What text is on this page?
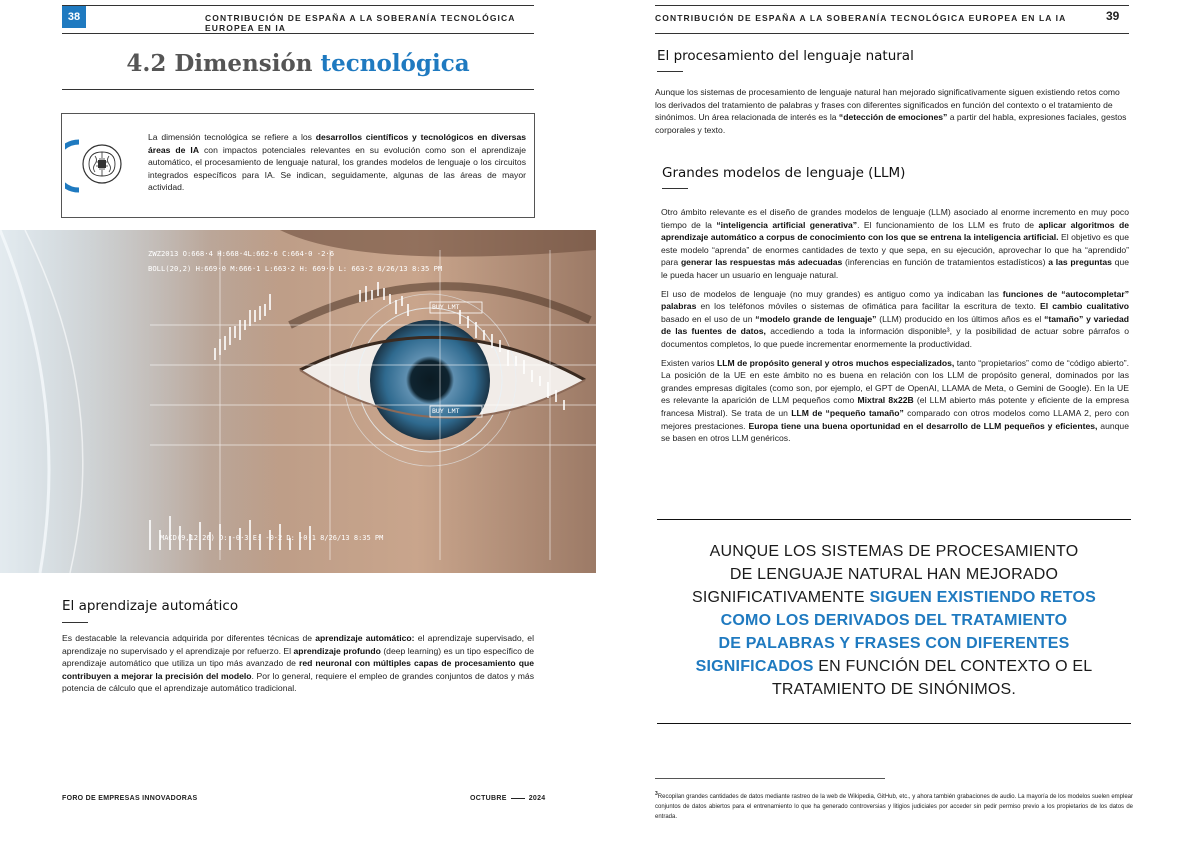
38	CONTRIBUCIÓN DE ESPAÑA A LA SOBERANÍA TECNOLÓGICA EUROPEA EN IA
4.2 Dimensión tecnológica
La dimensión tecnológica se refiere a los desarrollos científicos y tecnológicos en diversas áreas de IA con impactos potenciales relevantes en su evolución como son el aprendizaje automático, el procesamiento de lenguaje natural, los grandes modelos de lenguaje o los circuitos integrados específicos para IA. Se indican, seguidamente, algunas de las áreas de mayor actividad.
ZWZ2013 O:668·4 H:668·4L:662·6 C:664·0 -2·6
BOLL(20,2) H:669·0 M:666·1 L:663·2 H: 669·0 L: 663·2 8/26/13 8:35 PM
BUY LMT
BUY LMT
MACD(9,12,26) O: -0·3 E: -0·2 D: -0·1 8/26/13 8:35 PM
El aprendizaje automático
Es destacable la relevancia adquirida por diferentes técnicas de aprendizaje automático: el aprendizaje supervisado, el aprendizaje no supervisado y el aprendizaje por refuerzo. El aprendizaje profundo (deep learning) es un tipo específico de aprendizaje automático que utiliza un tipo más avanzado de red neuronal con múltiples capas de procesamiento que contribuyen a mejorar la precisión del modelo. Por lo general, requiere el empleo de grandes conjuntos de datos y más potencia de cálculo que el aprendizaje automático tradicional.
FORO DE EMPRESAS INNOVADORAS	OCTUBRE	2024
CONTRIBUCIÓN DE ESPAÑA A LA SOBERANÍA TECNOLÓGICA EUROPEA EN LA IA	39
El procesamiento del lenguaje natural
Aunque los sistemas de procesamiento de lenguaje natural han mejorado significativamente siguen existiendo retos como los derivados del tratamiento de palabras y frases con diferentes significados en función del contexto o el tratamiento de sinónimos. Un área relacionada de interés es la “detección de emociones” a partir del habla, expresiones faciales, gestos corporales y texto.
Grandes modelos de lenguaje (LLM)

Otro ámbito relevante es el diseño de grandes modelos de lenguaje (LLM) asociado al enorme incremento en muy poco tiempo de la “inteligencia artificial generativa”. El funcionamiento de los LLM es fruto de aplicar algoritmos de aprendizaje automático a corpus de conocimiento con los que se entrena la inteligencia artificial. El objetivo es que este modelo “aprenda” de enormes cantidades de texto y que sepa, en su ejecución, aprovechar lo que ha “aprendido” para generar las respuestas más adecuadas (inferencias en función de tratamientos estadísticos) a las preguntas que le pueda hacer un usuario en lenguaje natural.

El uso de modelos de lenguaje (no muy grandes) es antiguo como ya indicaban las funciones de “autocompletar” palabras en los teléfonos móviles o sistemas de ofimática para facilitar la escritura de texto. El cambio cualitativo basado en el uso de un “modelo grande de lenguaje” (LLM) producido en los últimos años es el “tamaño” y variedad de las fuentes de datos, accediendo a toda la información disponible³, y la posibilidad de actuar sobre párrafos o documentos completos, lo que puede incrementar enormemente la productividad.

Existen varios LLM de propósito general y otros muchos especializados, tanto “propietarios” como de “código abierto”. La posición de la UE en este ámbito no es buena en relación con los LLM de propósito general, dominados por las grandes empresas digitales (como son, por ejemplo, el GPT de OpenAI, LLAMA de Meta, o Gemini de Google). En la UE es relevante la aparición de LLM pequeños como Mixtral 8x22B (el LLM abierto más potente y eficiente de la empresa francesa Mistral). Se trata de un LLM de “pequeño tamaño” comparado con otros modelos como LLAMA 2, pero con mejores prestaciones. Europa tiene una buena oportunidad en el desarrollo de LLM pequeños y eficientes, aunque se basen en otros LLM genéricos.

AUNQUE LOS SISTEMAS DE PROCESAMIENTO
DE LENGUAJE NATURAL HAN MEJORADO
SIGNIFICATIVAMENTE SIGUEN EXISTIENDO RETOS
COMO LOS DERIVADOS DEL TRATAMIENTO
DE PALABRAS Y FRASES CON DIFERENTES
SIGNIFICADOS EN FUNCIÓN DEL CONTEXTO O EL
TRATAMIENTO DE SINÓNIMOS.
$^3$Recopilan grandes cantidades de datos mediante rastreo de la web de Wikipedia, GitHub, etc., y ahora también grabaciones de audio. La mayoría de los modelos suelen emplear conjuntos de datos abiertos para el entrenamiento lo que ha generado controversias y litigios judiciales por acceder sin pedir permiso previo a los propietarios de los datos de entrada.
